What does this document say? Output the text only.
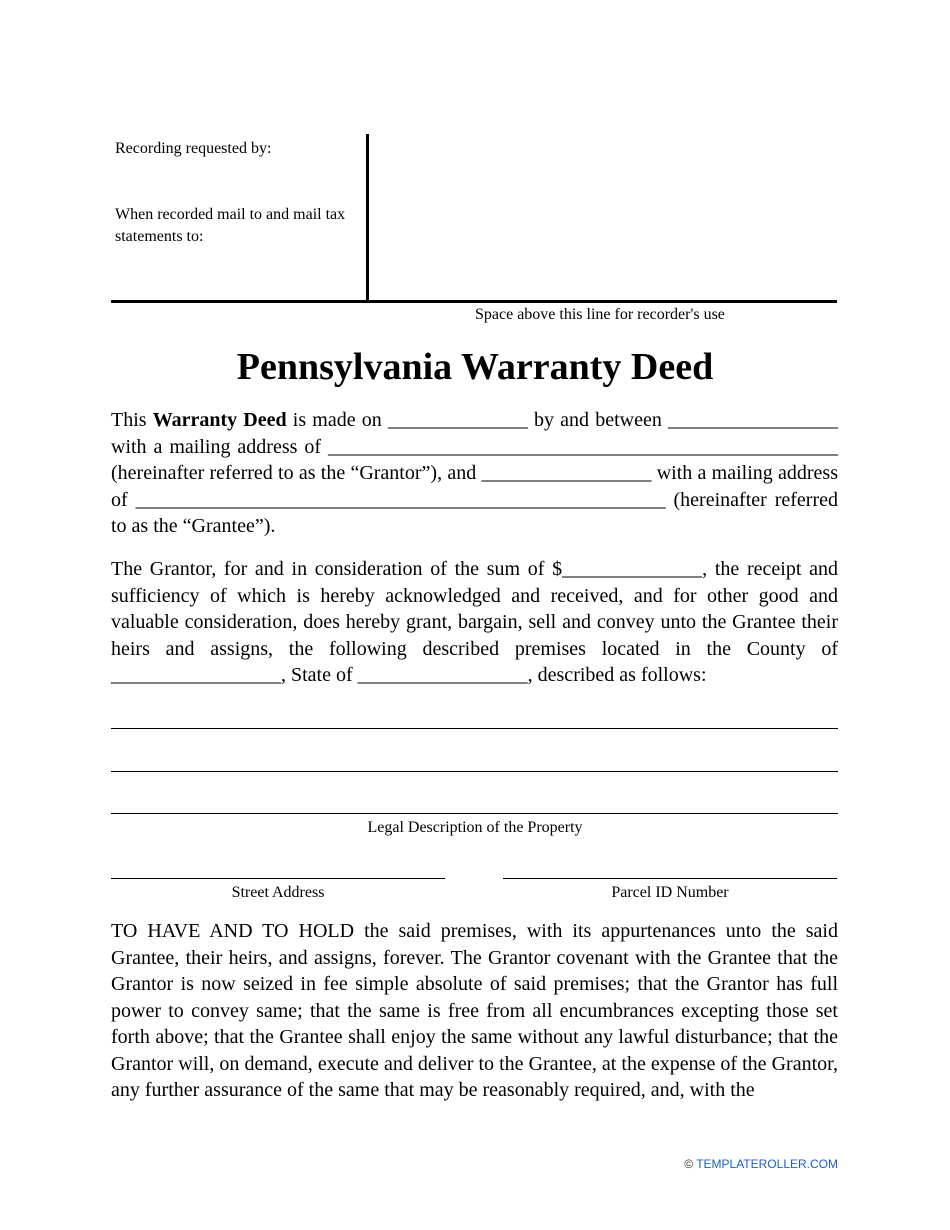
Recording requested by:
When recorded mail to and mail tax statements to:
Space above this line for recorder's use
Pennsylvania Warranty Deed
This Warranty Deed is made on ______________ by and between _________________ with a mailing address of ___________________________________________________ (hereinafter referred to as the “Grantor”), and _________________ with a mailing address of _____________________________________________________ (hereinafter referred to as the “Grantee”).
The Grantor, for and in consideration of the sum of $______________, the receipt and sufficiency of which is hereby acknowledged and received, and for other good and valuable consideration, does hereby grant, bargain, sell and convey unto the Grantee their heirs and assigns, the following described premises located in the County of _________________, State of _________________, described as follows:
Legal Description of the Property
Street Address	Parcel ID Number
TO HAVE AND TO HOLD the said premises, with its appurtenances unto the said Grantee, their heirs, and assigns, forever. The Grantor covenant with the Grantee that the Grantor is now seized in fee simple absolute of said premises; that the Grantor has full power to convey same; that the same is free from all encumbrances excepting those set forth above; that the Grantee shall enjoy the same without any lawful disturbance; that the Grantor will, on demand, execute and deliver to the Grantee, at the expense of the Grantor, any further assurance of the same that may be reasonably required, and, with the
© TEMPLATEROLLER.COM
